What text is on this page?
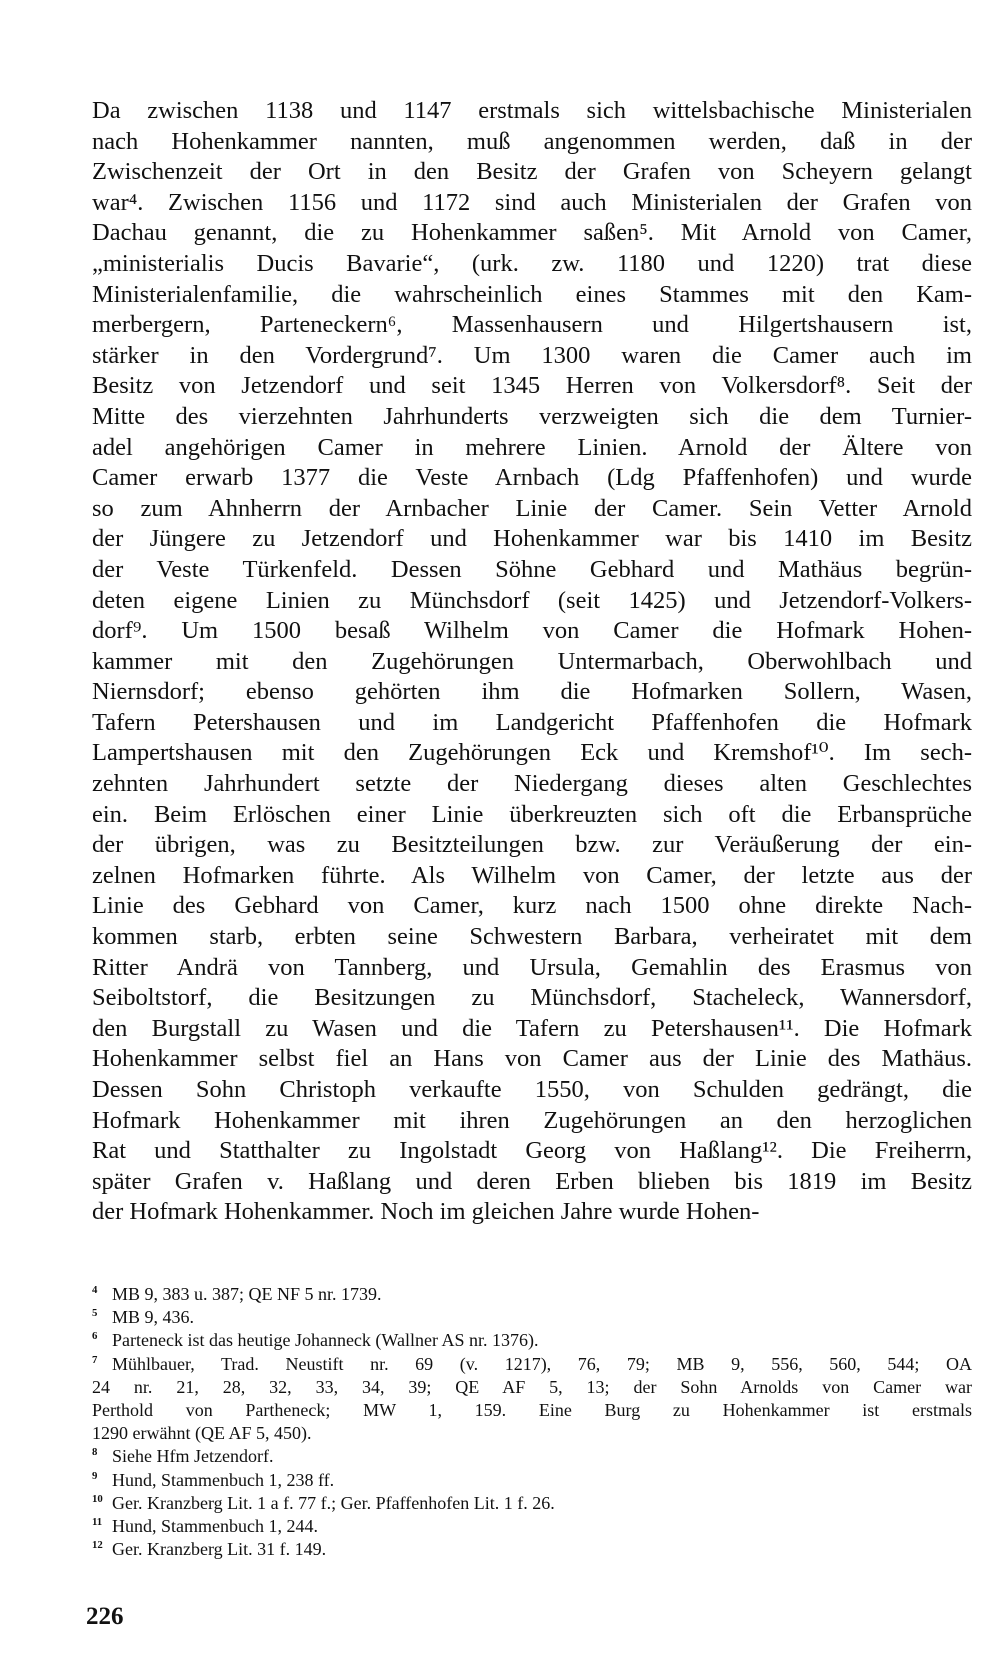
Da zwischen 1138 und 1147 erstmals sich wittelsbachische Ministerialen
nach Hohenkammer nannten, muß angenommen werden, daß in der
Zwischenzeit der Ort in den Besitz der Grafen von Scheyern gelangt
war⁴. Zwischen 1156 und 1172 sind auch Ministerialen der Grafen von
Dachau genannt, die zu Hohenkammer saßen⁵. Mit Arnold von Camer,
„ministerialis Ducis Bavarie“, (urk. zw. 1180 und 1220) trat diese
Ministerialenfamilie, die wahrscheinlich eines Stammes mit den Kam-
merbergern, Parteneckern⁶, Massenhausern und Hilgertshausern ist,
stärker in den Vordergrund⁷. Um 1300 waren die Camer auch im
Besitz von Jetzendorf und seit 1345 Herren von Volkersdorf⁸. Seit der
Mitte des vierzehnten Jahrhunderts verzweigten sich die dem Turnier-
adel angehörigen Camer in mehrere Linien. Arnold der Ältere von
Camer erwarb 1377 die Veste Arnbach (Ldg Pfaffenhofen) und wurde
so zum Ahnherrn der Arnbacher Linie der Camer. Sein Vetter Arnold
der Jüngere zu Jetzendorf und Hohenkammer war bis 1410 im Besitz
der Veste Türkenfeld. Dessen Söhne Gebhard und Mathäus begrün-
deten eigene Linien zu Münchsdorf (seit 1425) und Jetzendorf-Volkers-
dorf⁹. Um 1500 besaß Wilhelm von Camer die Hofmark Hohen-
kammer mit den Zugehörungen Untermarbach, Oberwohlbach und
Niernsdorf; ebenso gehörten ihm die Hofmarken Sollern, Wasen,
Tafern Petershausen und im Landgericht Pfaffenhofen die Hofmark
Lampertshausen mit den Zugehörungen Eck und Kremshof¹⁰. Im sech-
zehnten Jahrhundert setzte der Niedergang dieses alten Geschlechtes
ein. Beim Erlöschen einer Linie überkreuzten sich oft die Erbansprüche
der übrigen, was zu Besitzteilungen bzw. zur Veräußerung der ein-
zelnen Hofmarken führte. Als Wilhelm von Camer, der letzte aus der
Linie des Gebhard von Camer, kurz nach 1500 ohne direkte Nach-
kommen starb, erbten seine Schwestern Barbara, verheiratet mit dem
Ritter Andrä von Tannberg, und Ursula, Gemahlin des Erasmus von
Seiboltstorf, die Besitzungen zu Münchsdorf, Stacheleck, Wannersdorf,
den Burgstall zu Wasen und die Tafern zu Petershausen¹¹. Die Hofmark
Hohenkammer selbst fiel an Hans von Camer aus der Linie des Mathäus.
Dessen Sohn Christoph verkaufte 1550, von Schulden gedrängt, die
Hofmark Hohenkammer mit ihren Zugehörungen an den herzoglichen
Rat und Statthalter zu Ingolstadt Georg von Haßlang¹². Die Freiherrn,
später Grafen v. Haßlang und deren Erben blieben bis 1819 im Besitz
der Hofmark Hohenkammer. Noch im gleichen Jahre wurde Hohen-

4 MB 9, 383 u. 387; QE NF 5 nr. 1739.
5 MB 9, 436.
6 Parteneck ist das heutige Johanneck (Wallner AS nr. 1376).
7 Mühlbauer, Trad. Neustift nr. 69 (v. 1217), 76, 79; MB 9, 556, 560, 544; OA
24 nr. 21, 28, 32, 33, 34, 39; QE AF 5, 13; der Sohn Arnolds von Camer war
Perthold von Partheneck; MW 1, 159. Eine Burg zu Hohenkammer ist erstmals
1290 erwähnt (QE AF 5, 450).
8 Siehe Hfm Jetzendorf.
9 Hund, Stammenbuch 1, 238 ff.
10 Ger. Kranzberg Lit. 1 a f. 77 f.; Ger. Pfaffenhofen Lit. 1 f. 26.
11 Hund, Stammenbuch 1, 244.
12 Ger. Kranzberg Lit. 31 f. 149.
226
